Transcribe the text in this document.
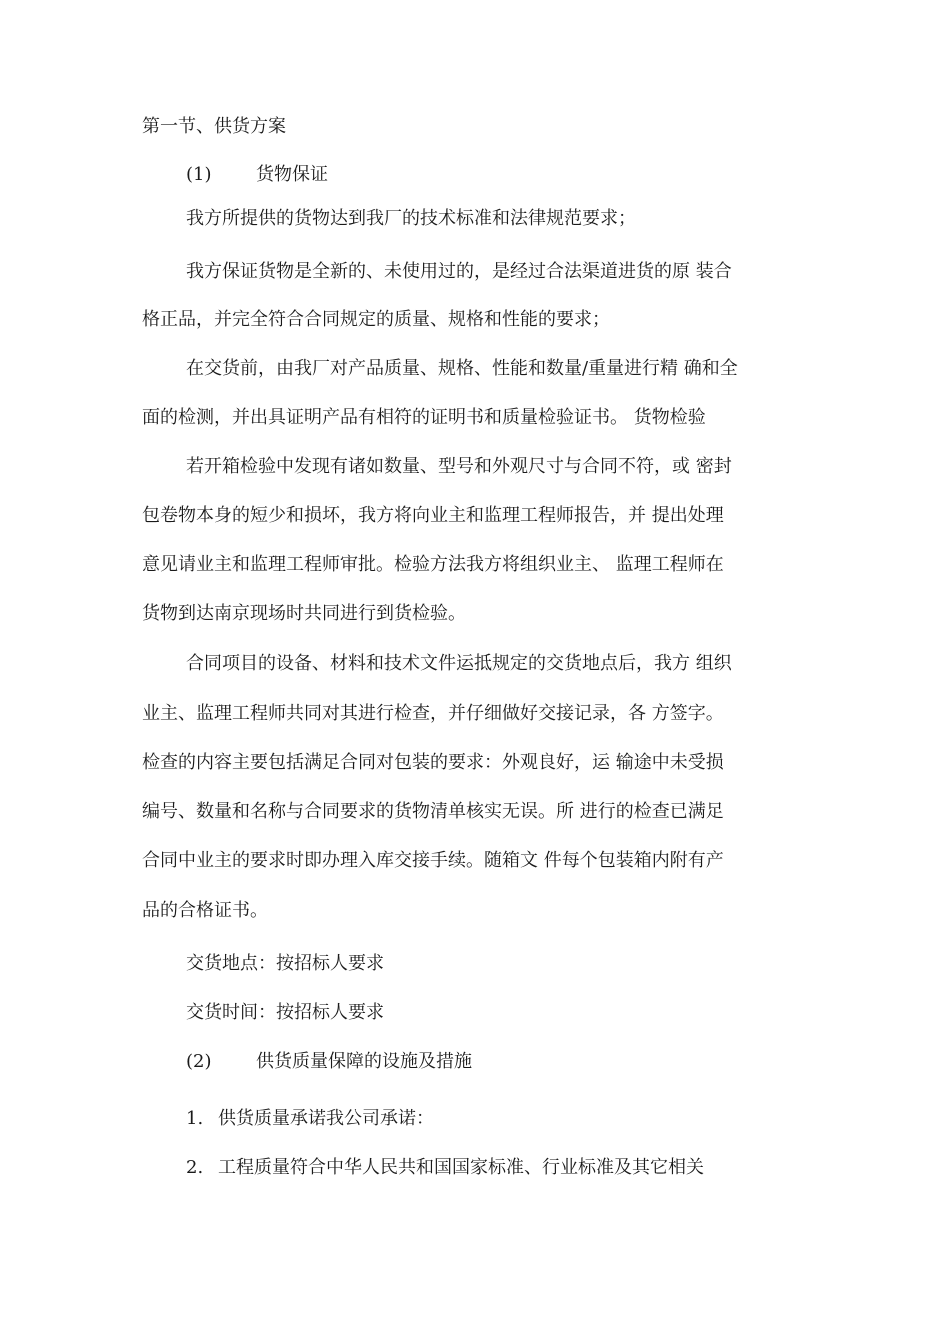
第一节、供货方案
(1) 货物保证
我方所提供的货物达到我厂的技术标准和法律规范要求；
我方保证货物是全新的、未使用过的，是经过合法渠道进货的原 装合
格正品，并完全符合合同规定的质量、规格和性能的要求；
在交货前，由我厂对产品质量、规格、性能和数量/重量进行精 确和全
面的检测，并出具证明产品有相符的证明书和质量检验证书。 货物检验
若开箱检验中发现有诸如数量、型号和外观尺寸与合同不符，或 密封
包卷物本身的短少和损坏，我方将向业主和监理工程师报告，并 提出处理
意见请业主和监理工程师审批。检验方法我方将组织业主、 监理工程师在
货物到达南京现场时共同进行到货检验。
合同项目的设备、材料和技术文件运抵规定的交货地点后，我方 组织
业主、监理工程师共同对其进行检查，并仔细做好交接记录，各 方签字。
检查的内容主要包括满足合同对包装的要求：外观良好，运 输途中未受损
编号、数量和名称与合同要求的货物清单核实无误。所 进行的检查已满足
合同中业主的要求时即办理入库交接手续。随箱文 件每个包装箱内附有产
品的合格证书。
交货地点：按招标人要求
交货时间：按招标人要求
(2) 供货质量保障的设施及措施
1. 供货质量承诺我公司承诺：
2. 工程质量符合中华人民共和国国家标准、行业标准及其它相关
